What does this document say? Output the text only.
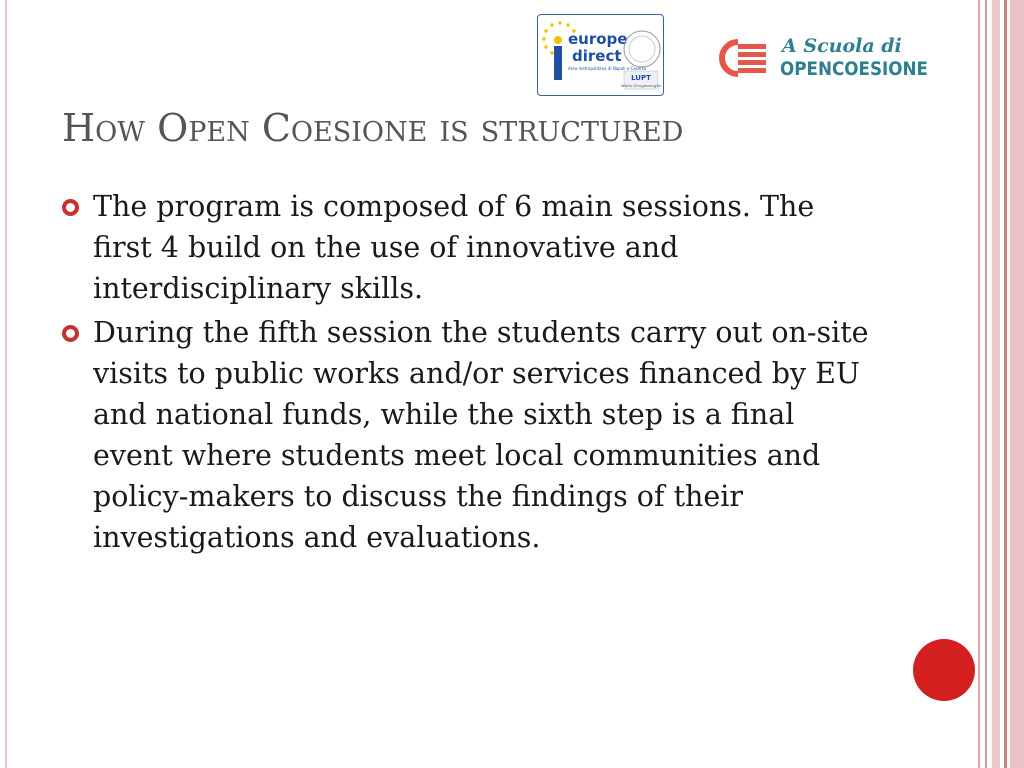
europe
direct
Area metropolitana di Napoli e Caserta
LUPT
Maria Scognamiglio
A Scuola di
OPENCOESIONE
How Open Coesione is structured
The program is composed of 6 main sessions. The first 4 build on the use of innovative and interdisciplinary skills.
During the fifth session the students carry out on-site visits to public works and/or services financed by EU and national funds, while the sixth step is a final event where students meet local communities and policy-makers to discuss the findings of their investigations and evaluations.
